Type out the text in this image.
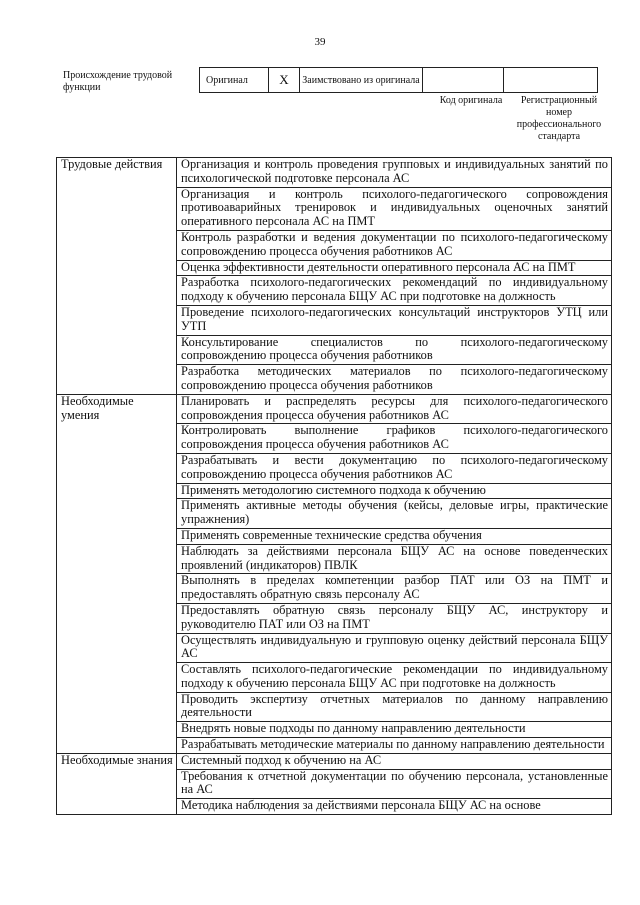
39
Происхождение трудовой функции
Оригинал	X	Заимствовано из оригинала		
Код оригинала	Регистрационный номер профессионального стандарта
Трудовые действия	Организация и контроль проведения групповых и индивидуальных занятий по психологической подготовке персонала АС
	Организация и контроль психолого-педагогического сопровождения противоаварийных тренировок и индивидуальных оценочных занятий оперативного персонала АС на ПМТ
	Контроль разработки и ведения документации по психолого-педагогическому сопровождению процесса обучения работников АС
	Оценка эффективности деятельности оперативного персонала АС на ПМТ
	Разработка психолого-педагогических рекомендаций по индивидуальному подходу к обучению персонала БЩУ АС при подготовке на должность
	Проведение психолого-педагогических консультаций инструкторов УТЦ или УТП
	Консультирование специалистов по психолого-педагогическому сопровождению процесса обучения работников
	Разработка методических материалов по психолого-педагогическому сопровождению процесса обучения работников
Необходимые умения	Планировать и распределять ресурсы для психолого-педагогического сопровождения процесса обучения работников АС
	Контролировать выполнение графиков психолого-педагогического сопровождения процесса обучения работников АС
	Разрабатывать и вести документацию по психолого-педагогическому сопровождению процесса обучения работников АС
	Применять методологию системного подхода к обучению
	Применять активные методы обучения (кейсы, деловые игры, практические упражнения)
	Применять современные технические средства обучения
	Наблюдать за действиями персонала БЩУ АС на основе поведенческих проявлений (индикаторов) ПВЛК
	Выполнять в пределах компетенции разбор ПАТ или ОЗ на ПМТ и предоставлять обратную связь персоналу АС
	Предоставлять обратную связь персоналу БЩУ АС, инструктору и руководителю ПАТ или ОЗ на ПМТ
	Осуществлять индивидуальную и групповую оценку действий персонала БЩУ АС
	Составлять психолого-педагогические рекомендации по индивидуальному подходу к обучению персонала БЩУ АС при подготовке на должность
	Проводить экспертизу отчетных материалов по данному направлению деятельности
	Внедрять новые подходы по данному направлению деятельности
	Разрабатывать методические материалы по данному направлению деятельности
Необходимые знания	Системный подход к обучению на АС
	Требования к отчетной документации по обучению персонала, установленные на АС
	Методика наблюдения за действиями персонала БЩУ АС на основе
